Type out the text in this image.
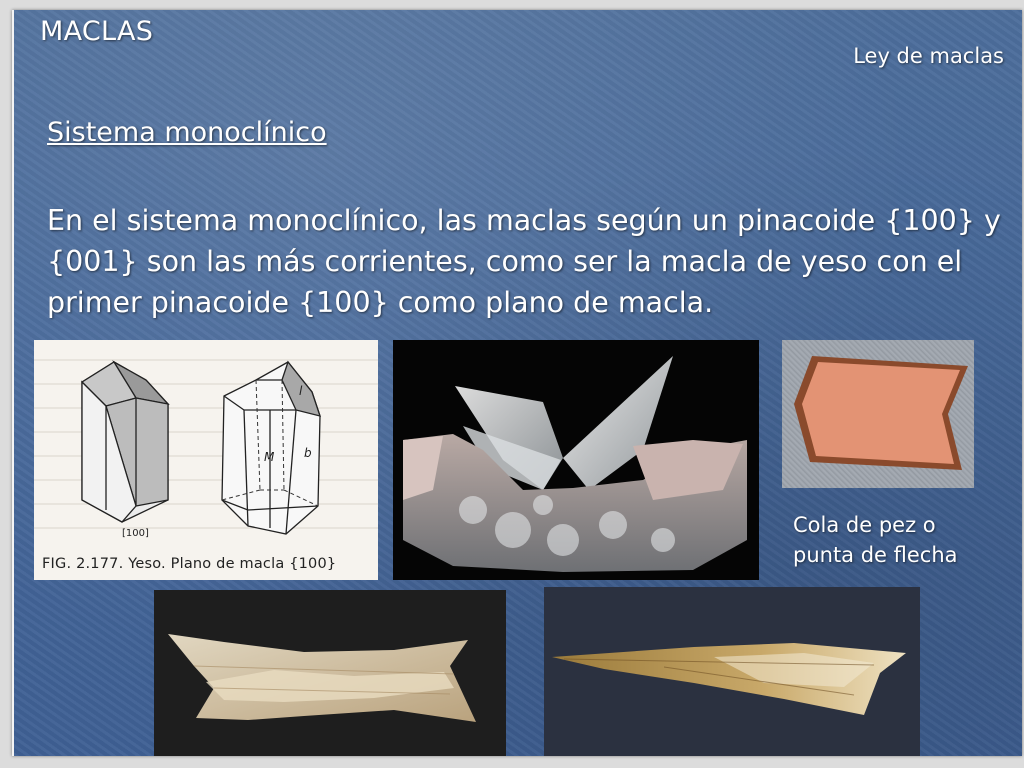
MACLAS
Ley de maclas
Sistema monoclínico
En el sistema monoclínico, las maclas según un pinacoide {100} y {001} son las más corrientes, como ser la macla de yeso con el primer pinacoide {100} como plano de macla.
[100]
M
l
b
FIG. 2.177. Yeso. Plano de macla {100}
Cola de pez o
punta de flecha
